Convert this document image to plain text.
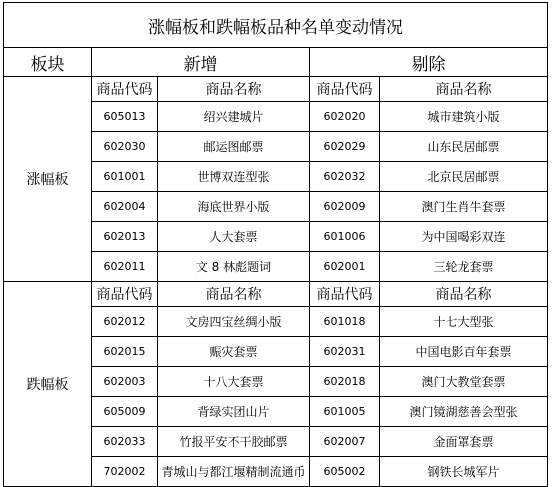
涨幅板和跌幅板品种名单变动情况				
板块	新增		剔除	
涨幅板	商品代码	商品名称	商品代码	商品名称
	605013	绍兴建城片	602020	城市建筑小版
	602030	邮运图邮票	602029	山东民居邮票
	601001	世博双连型张	602032	北京民居邮票
	602004	海底世界小版	602009	澳门生肖牛套票
	602013	人大套票	601006	为中国喝彩双连
	602011	文 8 林彪题词	602001	三轮龙套票
跌幅板	商品代码	商品名称	商品代码	商品名称
	602012	文房四宝丝绸小版	601018	十七大型张
	602015	赈灾套票	602031	中国电影百年套票
	602003	十八大套票	602018	澳门大教堂套票
	605009	背绿实团山片	601005	澳门镜湖慈善会型张
	602033	竹报平安不干胶邮票	602007	金面罩套票
	702002	青城山与都江堰精制流通币	605002	钢铁长城军片
